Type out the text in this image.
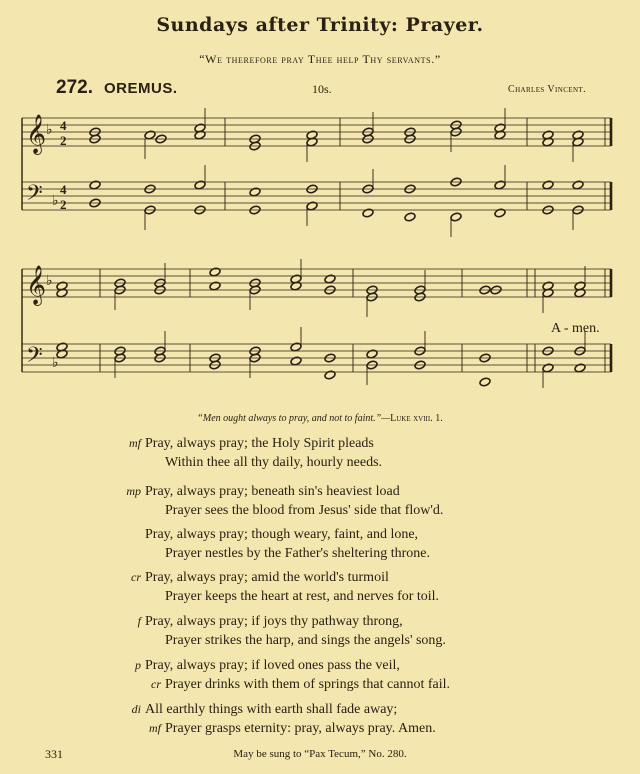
Sundays after Trinity: Prayer.
“We therefore pray Thee help Thy servants.”
272. OREMUS.	10s.	Charles Vincent.
𝄞 ♭
𝄢 ♭
𝄞 ♭
𝄢 ♭
4
2
4
2
A - men.
“Men ought always to pray, and not to faint.”—Luke xviii. 1.
mf Pray, always pray; the Holy Spirit pleads
Within thee all thy daily, hourly needs.
mp Pray, always pray; beneath sin's heaviest load
Prayer sees the blood from Jesus' side that flow'd.
Pray, always pray; though weary, faint, and lone,
Prayer nestles by the Father's sheltering throne.
cr Pray, always pray; amid the world's turmoil
Prayer keeps the heart at rest, and nerves for toil.
f Pray, always pray; if joys thy pathway throng,
Prayer strikes the harp, and sings the angels' song.
p Pray, always pray; if loved ones pass the veil,
cr Prayer drinks with them of springs that cannot fail.
di All earthly things with earth shall fade away;
mf Prayer grasps eternity: pray, always pray. Amen.
331	May be sung to “Pax Tecum,” No. 280.
